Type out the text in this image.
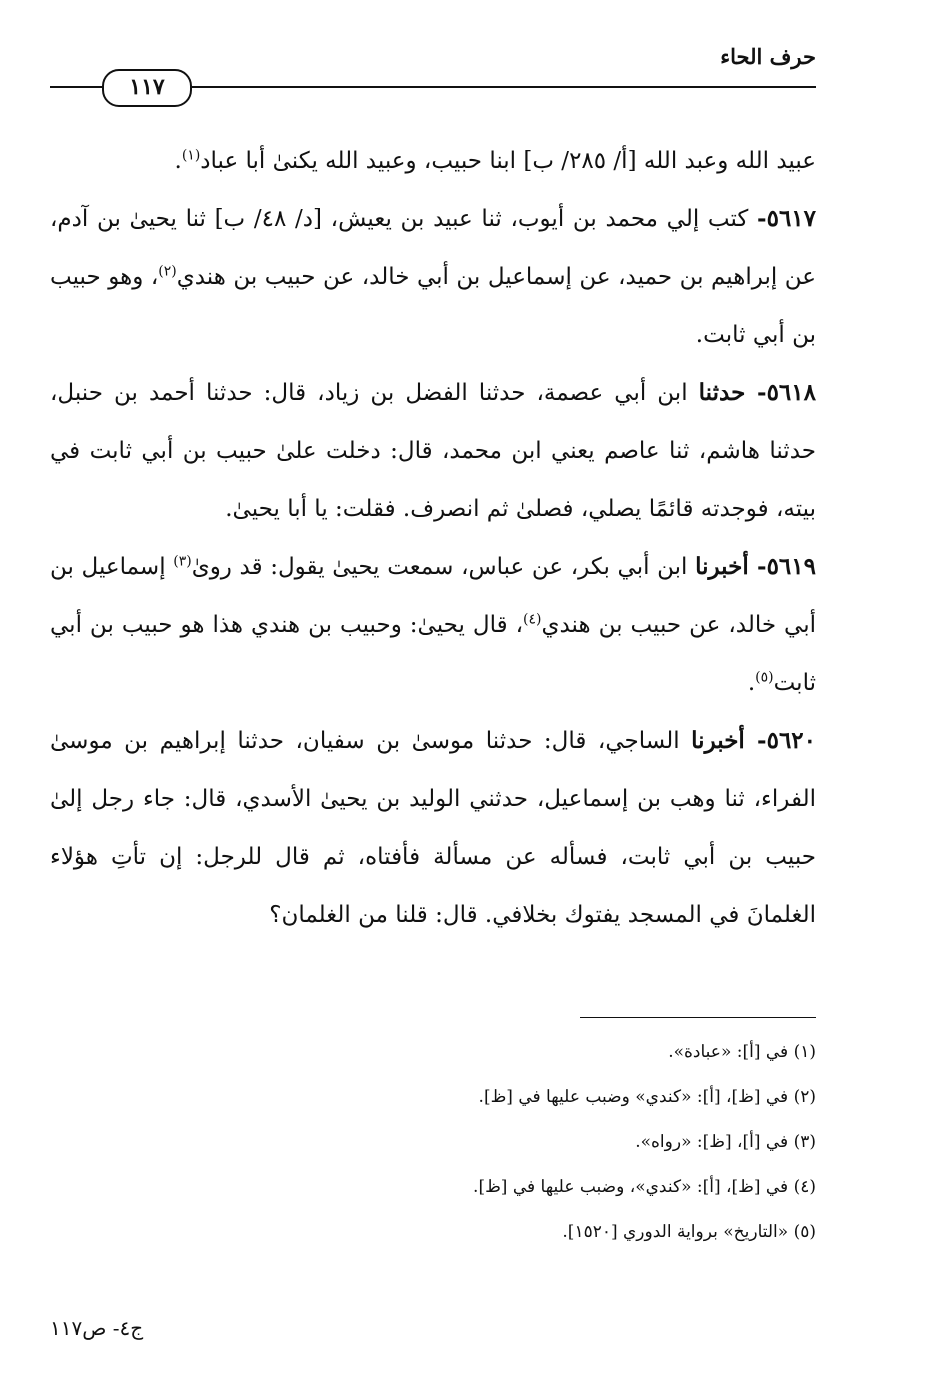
حرف الحاء
١١٧

عبيد الله وعبد الله [أ/ ٢٨٥/ ب] ابنا حبيب، وعبيد الله يكنىٰ أبا عباد$^{(١)}$.

٥٦١٧- كتب إلي محمد بن أيوب، ثنا عبيد بن يعيش، [د/ ٤٨/ ب] ثنا يحيىٰ بن آدم، عن إبراهيم بن حميد، عن إسماعيل بن أبي خالد، عن حبيب بن هندي$^{(٢)}$، وهو حبيب بن أبي ثابت.

٥٦١٨- حدثنا ابن أبي عصمة، حدثنا الفضل بن زياد، قال: حدثنا أحمد بن حنبل، حدثنا هاشم، ثنا عاصم يعني ابن محمد، قال: دخلت علىٰ حبيب بن أبي ثابت في بيته، فوجدته قائمًا يصلي، فصلىٰ ثم انصرف. فقلت: يا أبا يحيىٰ.

٥٦١٩- أخبرنا ابن أبي بكر، عن عباس، سمعت يحيىٰ يقول: قد روىٰ$^{(٣)}$ إسماعيل بن أبي خالد، عن حبيب بن هندي$^{(٤)}$، قال يحيىٰ: وحبيب بن هندي هذا هو حبيب بن أبي ثابت$^{(٥)}$.

٥٦٢٠- أخبرنا الساجي، قال: حدثنا موسىٰ بن سفيان، حدثنا إبراهيم بن موسىٰ الفراء، ثنا وهب بن إسماعيل، حدثني الوليد بن يحيىٰ الأسدي، قال: جاء رجل إلىٰ حبيب بن أبي ثابت، فسأله عن مسألة فأفتاه، ثم قال للرجل: إن تأتِ هؤلاء الغلمانَ في المسجد يفتوك بخلافي. قال: قلنا من الغلمان؟

(١) في [أ]: «عبادة».
(٢) في [ظ]، [أ]: «كندي» وضبب عليها في [ظ].
(٣) في [أ]، [ظ]: «رواه».
(٤) في [ظ]، [أ]: «كندي»، وضبب عليها في [ظ].
(٥) «التاريخ» برواية الدوري [١٥٢٠].
ج٤- ص١١٧
